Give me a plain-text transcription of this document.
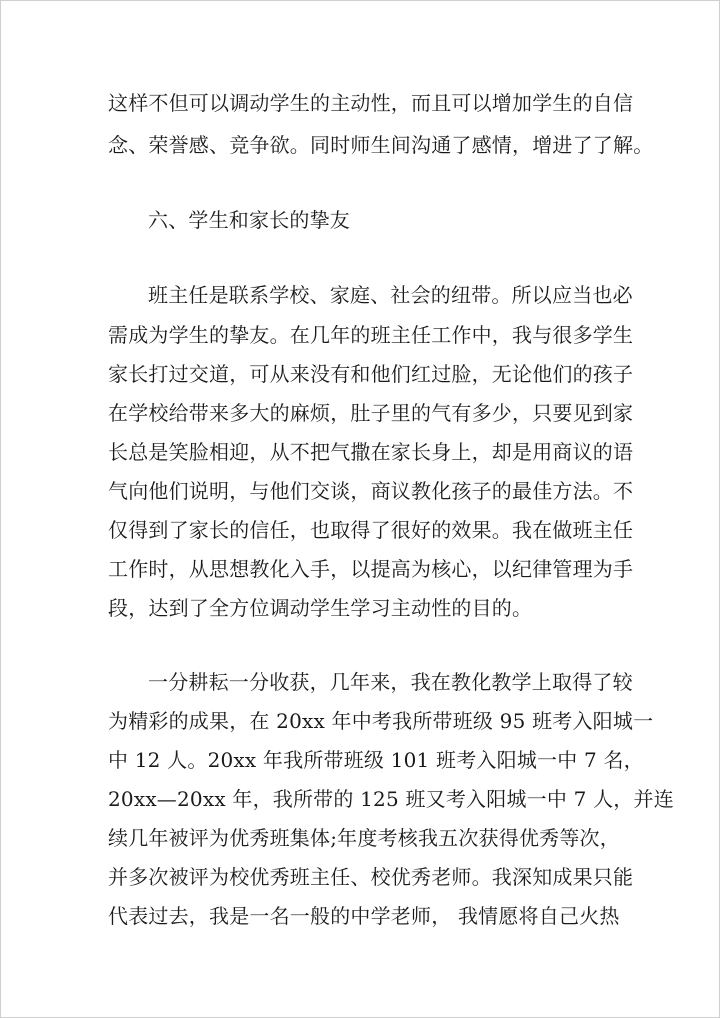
这样不但可以调动学生的主动性，而且可以增加学生的自信
念、荣誉感、竞争欲。同时师生间沟通了感情，增进了了解。
六、学生和家长的挚友
班主任是联系学校、家庭、社会的纽带。所以应当也必
需成为学生的挚友。在几年的班主任工作中，我与很多学生
家长打过交道，可从来没有和他们红过脸，无论他们的孩子
在学校给带来多大的麻烦，肚子里的气有多少，只要见到家
长总是笑脸相迎，从不把气撒在家长身上，却是用商议的语
气向他们说明，与他们交谈，商议教化孩子的最佳方法。不
仅得到了家长的信任，也取得了很好的效果。我在做班主任
工作时，从思想教化入手，以提高为核心，以纪律管理为手
段，达到了全方位调动学生学习主动性的目的。
一分耕耘一分收获，几年来，我在教化教学上取得了较
为精彩的成果，在 20xx 年中考我所带班级 95 班考入阳城一
中 12 人。20xx 年我所带班级 101 班考入阳城一中 7 名，
20xx—20xx 年，我所带的 125 班又考入阳城一中 7 人，并连
续几年被评为优秀班集体;年度考核我五次获得优秀等次，
并多次被评为校优秀班主任、校优秀老师。我深知成果只能
代表过去，我是一名一般的中学老师， 我情愿将自己火热
